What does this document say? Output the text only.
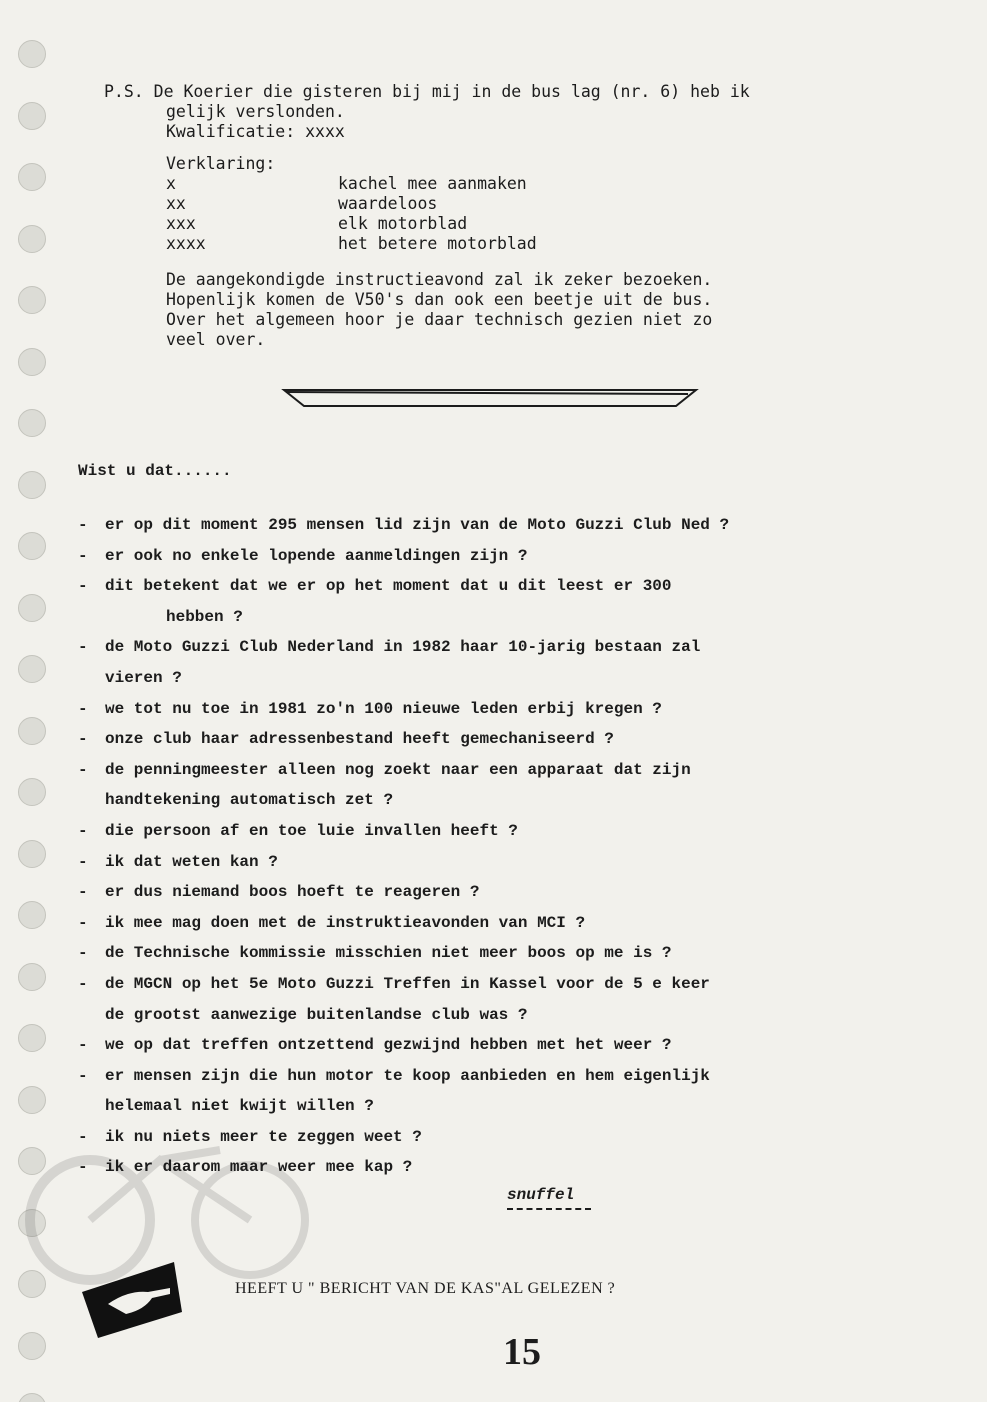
P.S. De Koerier die gisteren bij mij in de bus lag (nr. 6) heb ik
gelijk verslonden.
Kwalificatie: xxxx
Verklaring:
x	kachel mee aanmaken
xx	waardeloos
xxx	elk motorblad
xxxx	het betere motorblad
De aangekondigde instructieavond zal ik zeker bezoeken.
Hopenlijk komen de V50's dan ook een beetje uit de bus.
Over het algemeen hoor je daar technisch gezien niet zo
veel over.
Wist u dat......
- er op dit moment 295 mensen lid zijn van de Moto Guzzi Club Ned ?
- er ook no enkele lopende aanmeldingen zijn ?
- dit betekent dat we er op het moment dat u dit leest er 300
hebben ?
- de Moto Guzzi Club Nederland in 1982 haar 10-jarig bestaan zal
vieren ?
- we tot nu toe in 1981 zo'n 100 nieuwe leden erbij kregen ?
- onze club haar adressenbestand heeft gemechaniseerd ?
- de penningmeester alleen nog zoekt naar een apparaat dat zijn
handtekening automatisch zet ?
- die persoon af en toe luie invallen heeft ?
- ik dat weten kan ?
- er dus niemand boos hoeft te reageren ?
- ik mee mag doen met de instruktieavonden van MCI ?
- de Technische kommissie misschien niet meer boos op me is ?
- de MGCN op het 5e Moto Guzzi Treffen in Kassel voor de 5 e keer
de grootst aanwezige buitenlandse club was ?
- we op dat treffen ontzettend gezwijnd hebben met het weer ?
- er mensen zijn die hun motor te koop aanbieden en hem eigenlijk
helemaal niet kwijt willen ?
- ik nu niets meer te zeggen weet ?
- ik er daarom maar weer mee kap ?
snuffel
HEEFT U " BERICHT VAN DE KAS"AL GELEZEN ?
15
